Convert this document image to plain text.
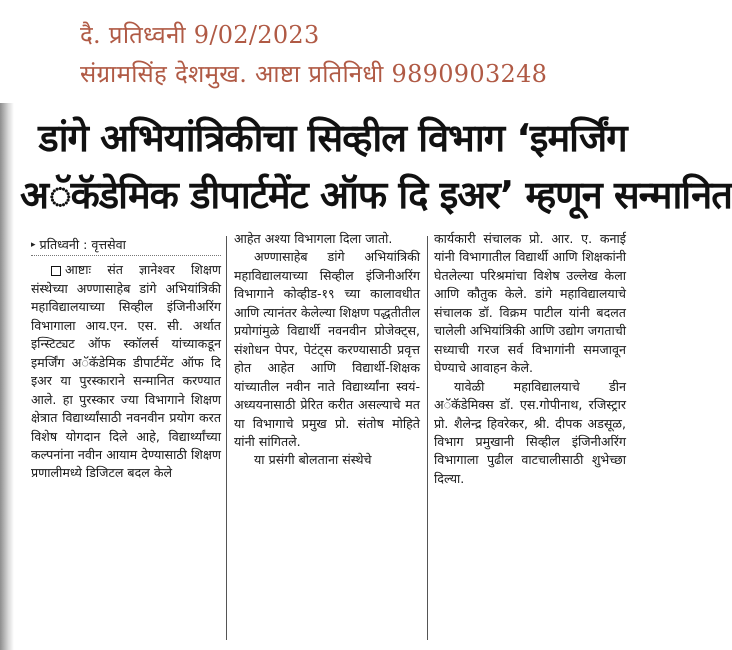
दै. प्रतिध्वनी 9/02/2023
संग्रामसिंह देशमुख. आष्टा प्रतिनिधी 9890903248
डांगे अभियांत्रिकीचा सिव्हील विभाग ‘इमर्जिंग
अॅकॅडेमिक डीपार्टमेंट ऑफ दि इअर’ म्हणून सन्मानित
▸ प्रतिध्वनी : वृत्तसेवा

आष्टाः संत ज्ञानेश्वर शिक्षण संस्थेच्या अण्णासाहेब डांगे अभियांत्रिकी महाविद्यालयाच्या सिव्हील इंजिनीअरिंग विभागाला आय.एन. एस. सी. अर्थात इन्स्टिट्यट ऑफ स्कॉलर्स यांच्याकडून इमर्जिंग अॅकॅडेमिक डीपार्टमेंट ऑफ दि इअर या पुरस्काराने सन्मानित करण्यात आले. हा पुरस्कार ज्या विभागाने शिक्षण क्षेत्रात विद्यार्थ्यांसाठी नवनवीन प्रयोग करत विशेष योगदान दिले आहे, विद्यार्थ्यांच्या कल्पनांना नवीन आयाम देण्यासाठी शिक्षण प्रणालीमध्ये डिजिटल बदल केले

आहेत अश्या विभागला दिला जातो.

अण्णासाहेब डांगे अभियांत्रिकी महाविद्यालयाच्या सिव्हील इंजिनीअरिंग विभागाने कोव्हीड-१९ च्या कालावधीत आणि त्यानंतर केलेल्या शिक्षण पद्धतीतील प्रयोगांमुळे विद्यार्थी नवनवीन प्रोजेक्ट्स, संशोधन पेपर, पेटंट्स करण्यासाठी प्रवृत्त होत आहेत आणि विद्यार्थी-शिक्षक यांच्यातील नवीन नाते विद्यार्थ्यांना स्वयं-अध्ययनासाठी प्रेरित करीत असल्याचे मत या विभागाचे प्रमुख प्रो. संतोष मोहिते यांनी सांगितले.

या प्रसंगी बोलताना संस्थेचे

कार्यकारी संचालक प्रो. आर. ए. कनाई यांनी विभागातील विद्यार्थी आणि शिक्षकांनी घेतलेल्या परिश्रमांचा विशेष उल्लेख केला आणि कौतुक केले. डांगे महाविद्यालयाचे संचालक डॉ. विक्रम पाटील यांनी बदलत चालेली अभियांत्रिकी आणि उद्योग जगताची सध्याची गरज सर्व विभागांनी समजावून घेण्याचे आवाहन केले.

यावेळी महाविद्यालयाचे डीन अॅकॅडेमिक्स डॉ. एस.गोपीनाथ, रजिस्ट्रार प्रो. शैलेन्द्र हिवरेकर, श्री. दीपक अडसूळ, विभाग प्रमुखानी सिव्हील इंजिनीअरिंग विभागाला पुढील वाटचालीसाठी शुभेच्छा दिल्या.
